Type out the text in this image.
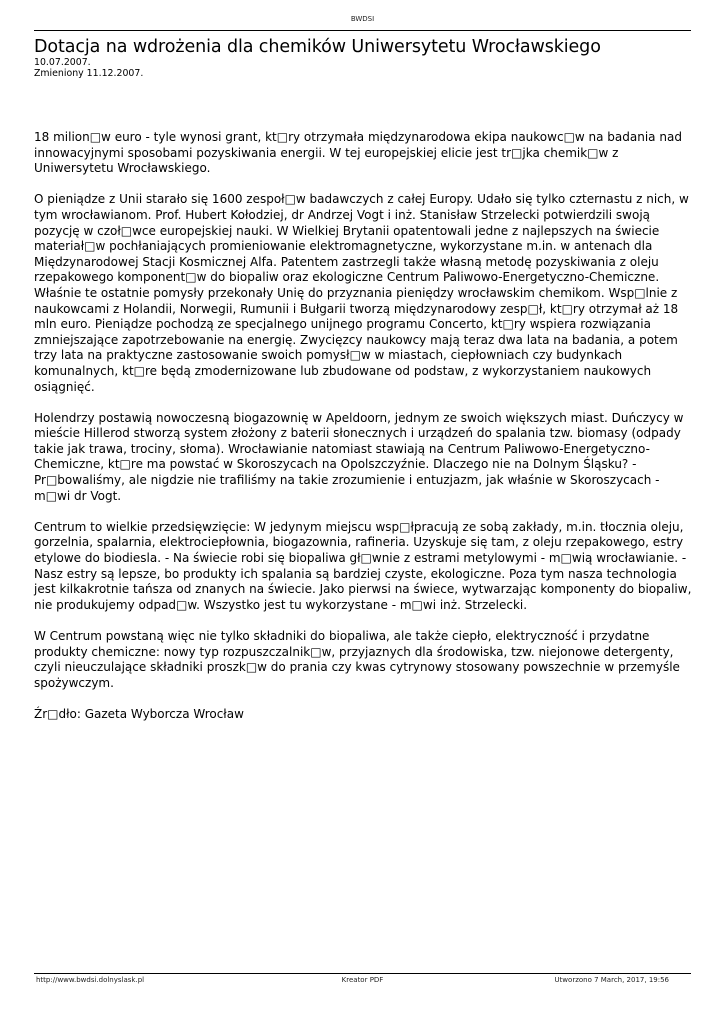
BWDSI
Dotacja na wdrożenia dla chemików Uniwersytetu Wrocławskiego
10.07.2007.
Zmieniony 11.12.2007.

18 milion□w euro - tyle wynosi grant, kt□ry otrzymała międzynarodowa ekipa naukowc□w na badania nad innowacyjnymi sposobami pozyskiwania energii. W tej europejskiej elicie jest tr□jka chemik□w z Uniwersytetu Wrocławskiego.

O pieniądze z Unii starało się 1600 zespoł□w badawczych z całej Europy. Udało się tylko czternastu z nich, w tym wrocławianom. Prof. Hubert Kołodziej, dr Andrzej Vogt i inż. Stanisław Strzelecki potwierdzili swoją pozycję w czoł□wce europejskiej nauki. W Wielkiej Brytanii opatentowali jedne z najlepszych na świecie materiał□w pochłaniających promieniowanie elektromagnetyczne, wykorzystane m.in. w antenach dla Międzynarodowej Stacji Kosmicznej Alfa. Patentem zastrzegli także własną metodę pozyskiwania z oleju rzepakowego komponent□w do biopaliw oraz ekologiczne Centrum Paliwowo-Energetyczno-Chemiczne.

Właśnie te ostatnie pomysły przekonały Unię do przyznania pieniędzy wrocławskim chemikom. Wsp□lnie z naukowcami z Holandii, Norwegii, Rumunii i Bułgarii tworzą międzynarodowy zesp□ł, kt□ry otrzymał aż 18 mln euro. Pieniądze pochodzą ze specjalnego unijnego programu Concerto, kt□ry wspiera rozwiązania zmniejszające zapotrzebowanie na energię. Zwycięzcy naukowcy mają teraz dwa lata na badania, a potem trzy lata na praktyczne zastosowanie swoich pomysł□w w miastach, ciepłowniach czy budynkach komunalnych, kt□re będą zmodernizowane lub zbudowane od podstaw, z wykorzystaniem naukowych osiągnięć.

Holendrzy postawią nowoczesną biogazownię w Apeldoorn, jednym ze swoich większych miast. Duńczycy w mieście Hillerod stworzą system złożony z baterii słonecznych i urządzeń do spalania tzw. biomasy (odpady takie jak trawa, trociny, słoma). Wrocławianie natomiast stawiają na Centrum Paliwowo-Energetyczno-Chemiczne, kt□re ma powstać w Skoroszycach na Opolszczyźnie. Dlaczego nie na Dolnym Śląsku? - Pr□bowaliśmy, ale nigdzie nie trafiliśmy na takie zrozumienie i entuzjazm, jak właśnie w Skoroszycach - m□wi dr Vogt.

Centrum to wielkie przedsięwzięcie: W jedynym miejscu wsp□łpracują ze sobą zakłady, m.in. tłocznia oleju, gorzelnia, spalarnia, elektrociepłownia, biogazownia, rafineria. Uzyskuje się tam, z oleju rzepakowego, estry etylowe do biodiesla. - Na świecie robi się biopaliwa gł□wnie z estrami metylowymi - m□wią wrocławianie. - Nasz estry są lepsze, bo produkty ich spalania są bardziej czyste, ekologiczne. Poza tym nasza technologia jest kilkakrotnie tańsza od znanych na świecie. Jako pierwsi na świece, wytwarzając komponenty do biopaliw, nie produkujemy odpad□w. Wszystko jest tu wykorzystane - m□wi inż. Strzelecki.

W Centrum powstaną więc nie tylko składniki do biopaliwa, ale także ciepło, elektryczność i przydatne produkty chemiczne: nowy typ rozpuszczalnik□w, przyjaznych dla środowiska, tzw. niejonowe detergenty, czyli nieuczulające składniki proszk□w do prania czy kwas cytrynowy stosowany powszechnie w przemyśle spożywczym.

Źr□dło: Gazeta Wyborcza Wrocław

http://www.bwdsi.dolnyslask.pl	Kreator PDF	Utworzono 7 March, 2017, 19:56
